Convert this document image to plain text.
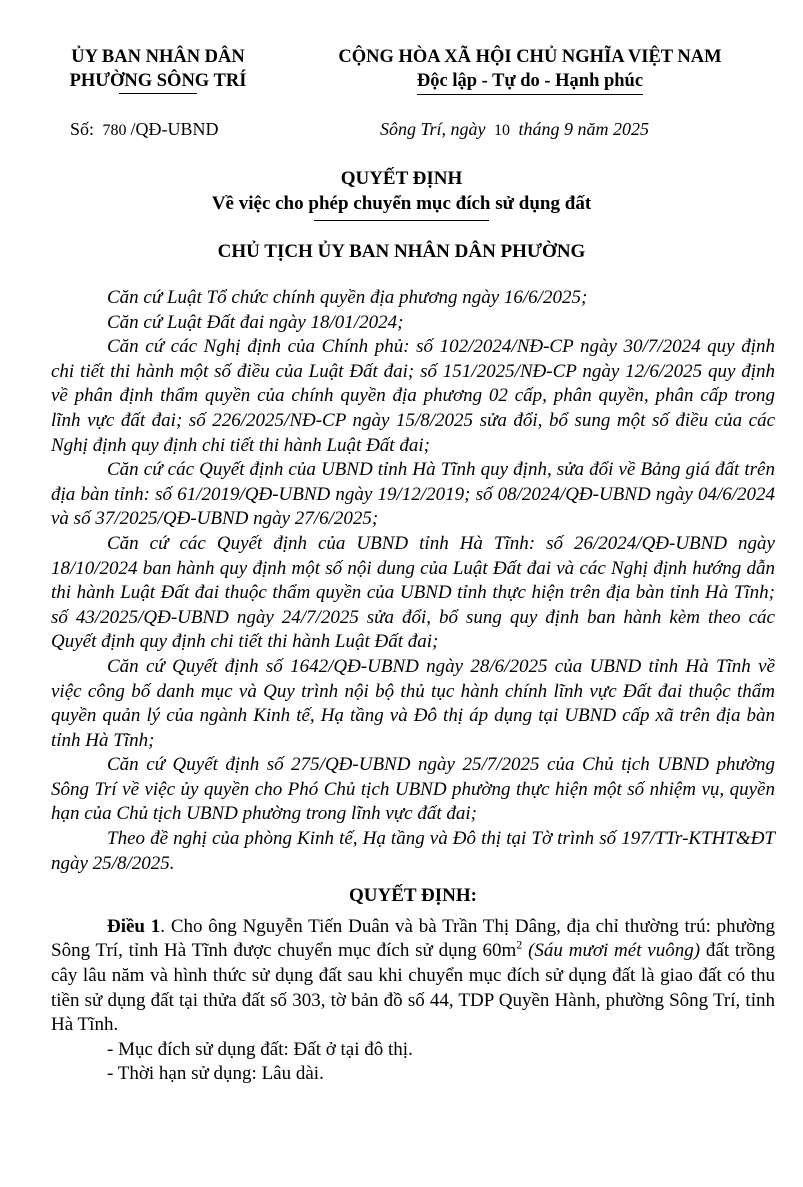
ỦY BAN NHÂN DÂN
PHƯỜNG SÔNG TRÍ
CỘNG HÒA XÃ HỘI CHỦ NGHĨA VIỆT NAM
Độc lập - Tự do - Hạnh phúc
Số: 780 /QĐ-UBND	Sông Trí, ngày 10 tháng 9 năm 2025
QUYẾT ĐỊNH
Về việc cho phép chuyển mục đích sử dụng đất
CHỦ TỊCH ỦY BAN NHÂN DÂN PHƯỜNG

Căn cứ Luật Tổ chức chính quyền địa phương ngày 16/6/2025;

Căn cứ Luật Đất đai ngày 18/01/2024;

Căn cứ các Nghị định của Chính phủ: số 102/2024/NĐ-CP ngày 30/7/2024 quy định chi tiết thi hành một số điều của Luật Đất đai; số 151/2025/NĐ-CP ngày 12/6/2025 quy định về phân định thẩm quyền của chính quyền địa phương 02 cấp, phân quyền, phân cấp trong lĩnh vực đất đai; số 226/2025/NĐ-CP ngày 15/8/2025 sửa đổi, bổ sung một số điều của các Nghị định quy định chi tiết thi hành Luật Đất đai;

Căn cứ các Quyết định của UBND tỉnh Hà Tĩnh quy định, sửa đổi về Bảng giá đất trên địa bàn tỉnh: số 61/2019/QĐ-UBND ngày 19/12/2019; số 08/2024/QĐ-UBND ngày 04/6/2024 và số 37/2025/QĐ-UBND ngày 27/6/2025;

Căn cứ các Quyết định của UBND tỉnh Hà Tĩnh: số 26/2024/QĐ-UBND ngày 18/10/2024 ban hành quy định một số nội dung của Luật Đất đai và các Nghị định hướng dẫn thi hành Luật Đất đai thuộc thẩm quyền của UBND tỉnh thực hiện trên địa bàn tỉnh Hà Tĩnh; số 43/2025/QĐ-UBND ngày 24/7/2025 sửa đổi, bổ sung quy định ban hành kèm theo các Quyết định quy định chi tiết thi hành Luật Đất đai;

Căn cứ Quyết định số 1642/QĐ-UBND ngày 28/6/2025 của UBND tỉnh Hà Tĩnh về việc công bố danh mục và Quy trình nội bộ thủ tục hành chính lĩnh vực Đất đai thuộc thẩm quyền quản lý của ngành Kinh tế, Hạ tầng và Đô thị áp dụng tại UBND cấp xã trên địa bàn tỉnh Hà Tĩnh;

Căn cứ Quyết định số 275/QĐ-UBND ngày 25/7/2025 của Chủ tịch UBND phường Sông Trí về việc ủy quyền cho Phó Chủ tịch UBND phường thực hiện một số nhiệm vụ, quyền hạn của Chủ tịch UBND phường trong lĩnh vực đất đai;

Theo đề nghị của phòng Kinh tế, Hạ tầng và Đô thị tại Tờ trình số 197/TTr-KTHT&ĐT ngày 25/8/2025.

QUYẾT ĐỊNH:

Điều 1. Cho ông Nguyễn Tiến Duân và bà Trần Thị Dâng, địa chỉ thường trú: phường Sông Trí, tỉnh Hà Tĩnh được chuyển mục đích sử dụng $60m^2$ (Sáu mươi mét vuông) đất trồng cây lâu năm và hình thức sử dụng đất sau khi chuyển mục đích sử dụng đất là giao đất có thu tiền sử dụng đất tại thửa đất số 303, tờ bản đồ số 44, TDP Quyền Hành, phường Sông Trí, tỉnh Hà Tĩnh.

- Mục đích sử dụng đất: Đất ở tại đô thị.

- Thời hạn sử dụng: Lâu dài.
